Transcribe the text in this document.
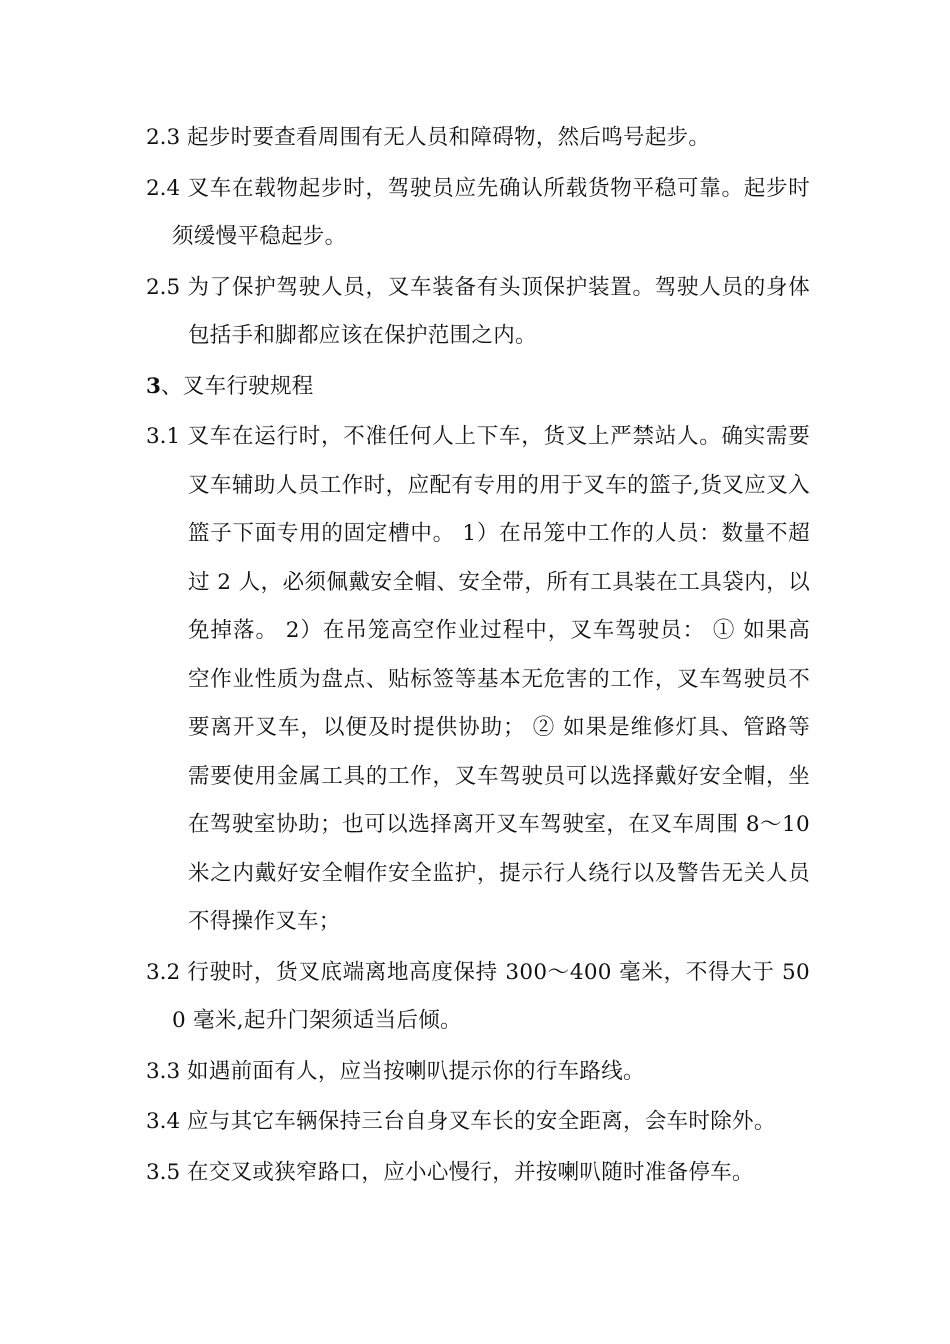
2.3 起步时要查看周围有无人员和障碍物，然后鸣号起步。

2.4 叉车在载物起步时，驾驶员应先确认所载货物平稳可靠。起步时须缓慢平稳起步。

2.5 为了保护驾驶人员，叉车装备有头顶保护装置。驾驶人员的身体包括手和脚都应该在保护范围之内。

3、叉车行驶规程

3.1 叉车在运行时，不准任何人上下车，货叉上严禁站人。确实需要叉车辅助人员工作时，应配有专用的用于叉车的篮子,货叉应叉入篮子下面专用的固定槽中。 1）在吊笼中工作的人员：数量不超过 2 人，必须佩戴安全帽、安全带，所有工具装在工具袋内，以免掉落。 2）在吊笼高空作业过程中，叉车驾驶员： ① 如果高空作业性质为盘点、贴标签等基本无危害的工作，叉车驾驶员不要离开叉车，以便及时提供协助； ② 如果是维修灯具、管路等需要使用金属工具的工作，叉车驾驶员可以选择戴好安全帽，坐在驾驶室协助；也可以选择离开叉车驾驶室，在叉车周围 8～10 米之内戴好安全帽作安全监护，提示行人绕行以及警告无关人员不得操作叉车；

3.2 行驶时，货叉底端离地高度保持 300～400 毫米，不得大于 500 毫米,起升门架须适当后倾。

3.3 如遇前面有人，应当按喇叭提示你的行车路线。

3.4 应与其它车辆保持三台自身叉车长的安全距离，会车时除外。

3.5 在交叉或狭窄路口，应小心慢行，并按喇叭随时准备停车。
